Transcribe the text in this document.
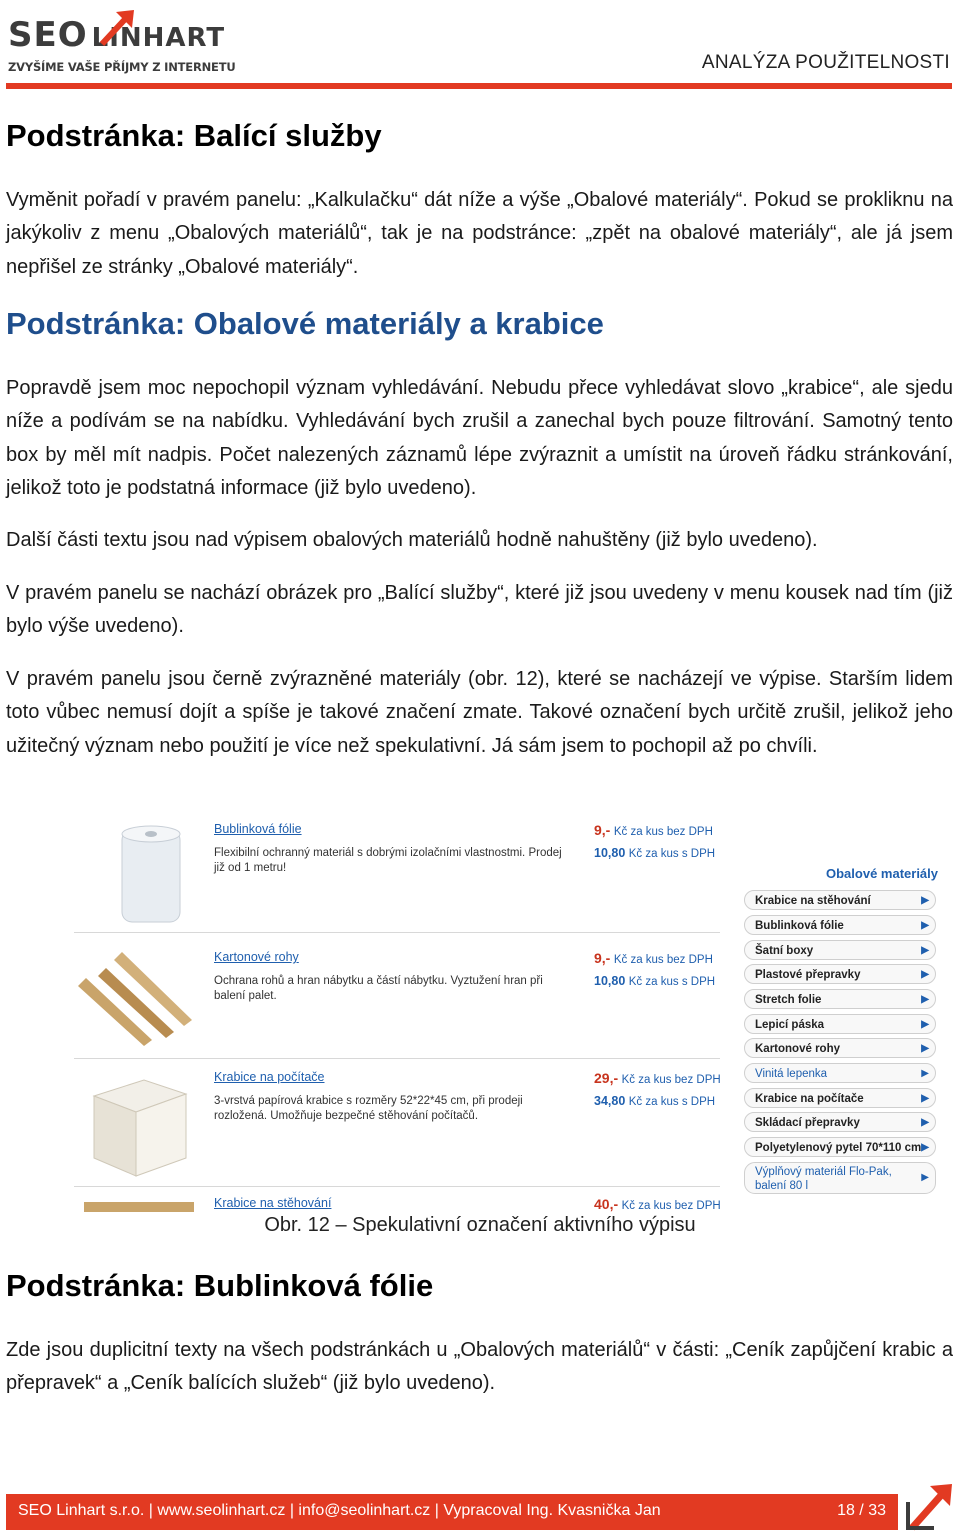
SEO LINHART
ZVYŠÍME VAŠE PŘÍJMY Z INTERNETU	ANALÝZA POUŽITELNOSTI
Podstránka: Balící služby

Vyměnit pořadí v pravém panelu: „Kalkulačku“ dát níže a výše „Obalové materiály“. Pokud se prokliknu na jakýkoliv z menu „Obalových materiálů“, tak je na podstránce: „zpět na obalové materiály“, ale já jsem nepřišel ze stránky „Obalové materiály“.

Podstránka: Obalové materiály a krabice

Popravdě jsem moc nepochopil význam vyhledávání. Nebudu přece vyhledávat slovo „krabice“, ale sjedu níže a podívám se na nabídku. Vyhledávání bych zrušil a zanechal bych pouze filtrování. Samotný tento box by měl mít nadpis. Počet nalezených záznamů lépe zvýraznit a umístit na úroveň řádku stránkování, jelikož toto je podstatná informace (již bylo uvedeno).

Další části textu jsou nad výpisem obalových materiálů hodně nahuštěny (již bylo uvedeno).

V pravém panelu se nachází obrázek pro „Balící služby“, které již jsou uvedeny v menu kousek nad tím (již bylo výše uvedeno).

V pravém panelu jsou černě zvýrazněné materiály (obr. 12), které se nacházejí ve výpise. Starším lidem toto vůbec nemusí dojít a spíše je takové značení zmate. Takové označení bych určitě zrušil, jelikož jeho užitečný význam nebo použití je více než spekulativní. Já sám jsem to pochopil až po chvíli.

Bublinková fólie
Flexibilní ochranný materiál s dobrými izolačními vlastnostmi. Prodej již od 1 metru!
9,- Kč za kus bez DPH
10,80 Kč za kus s DPH
Kartonové rohy
Ochrana rohů a hran nábytku a částí nábytku. Vyztužení hran při balení palet.
9,- Kč za kus bez DPH
10,80 Kč za kus s DPH
Krabice na počítače
3-vrstvá papírová krabice s rozměry 52*22*45 cm, při prodeji rozložená. Umožňuje bezpečné stěhování počítačů.
29,- Kč za kus bez DPH
34,80 Kč za kus s DPH
Krabice na stěhování	40,- Kč za kus bez DPH
Obalové materiály
Krabice na stěhování	▶
Bublinková fólie	▶
Šatní boxy	▶
Plastové přepravky	▶
Stretch folie	▶
Lepicí páska	▶
Kartonové rohy	▶
Vinitá lepenka	▶
Krabice na počítače	▶
Skládací přepravky	▶
Polyetylenový pytel 70*110 cm ▶
Výplňový materiál Flo-Pak, balení 80 l
▶
Obr. 12 – Spekulativní označení aktivního výpisu
Podstránka: Bublinková fólie

Zde jsou duplicitní texty na všech podstránkách u „Obalových materiálů“ v části: „Ceník zapůjčení krabic a přepravek“ a „Ceník balících služeb“ (již bylo uvedeno).

SEO Linhart s.r.o. | www.seolinhart.cz | info@seolinhart.cz | Vypracoval Ing. Kvasnička Jan	18 / 33
